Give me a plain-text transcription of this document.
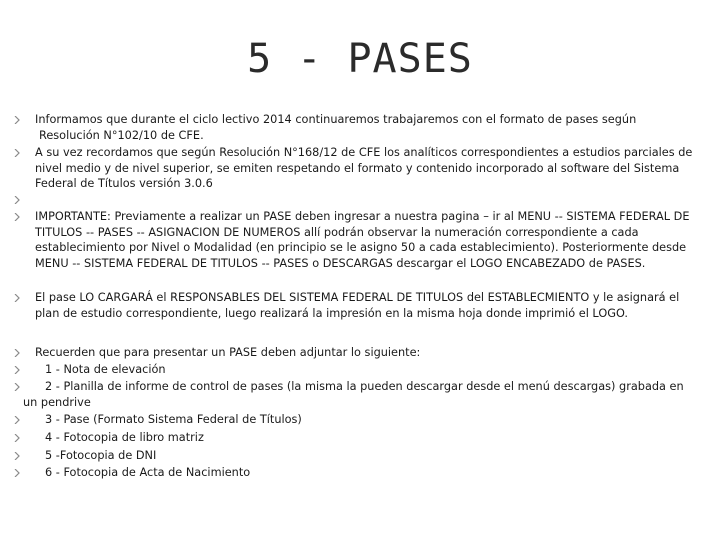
5 - PASES
Informamos que durante el ciclo lectivo 2014 continuaremos trabajaremos con el formato de pases según
Resolución N°102/10 de CFE.
A su vez recordamos que según Resolución N°168/12 de CFE los analíticos correspondientes a estudios parciales de
nivel medio y de nivel superior, se emiten respetando el formato y contenido incorporado al software del Sistema
Federal de Títulos versión 3.0.6
IMPORTANTE: Previamente a realizar un PASE deben ingresar a nuestra pagina – ir al MENU -- SISTEMA FEDERAL DE
TITULOS -- PASES -- ASIGNACION DE NUMEROS allí podrán observar la numeración correspondiente a cada
establecimiento por Nivel o Modalidad (en principio se le asigno 50 a cada establecimiento). Posteriormente desde
MENU -- SISTEMA FEDERAL DE TITULOS -- PASES o DESCARGAS descargar el LOGO ENCABEZADO de PASES.
El pase LO CARGARÁ el RESPONSABLES DEL SISTEMA FEDERAL DE TITULOS del ESTABLECMIENTO y le asignará el
plan de estudio correspondiente, luego realizará la impresión en la misma hoja donde imprimió el LOGO.
Recuerden que para presentar un PASE deben adjuntar lo siguiente:
1 - Nota de elevación
2 - Planilla de informe de control de pases (la misma la pueden descargar desde el menú descargas) grabada en
un pendrive
3 - Pase (Formato Sistema Federal de Títulos)
4 - Fotocopia de libro matriz
5 -Fotocopia de DNI
6 - Fotocopia de Acta de Nacimiento
